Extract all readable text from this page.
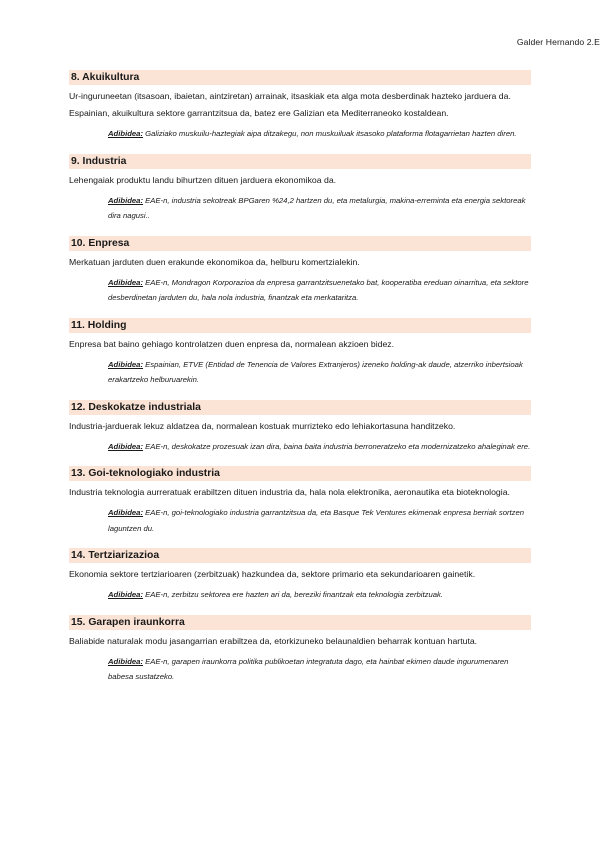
Galder Hernando 2.E
8. Akuikultura

Ur-inguruneetan (itsasoan, ibaietan, aintziretan) arrainak, itsaskiak eta alga mota desberdinak hazteko jarduera da. Espainian, akuikultura sektore garrantzitsua da, batez ere Galizian eta Mediterraneoko kostaldean.

Adibidea: Galiziako muskuilu-haztegiak aipa ditzakegu, non muskuiluak itsasoko plataforma flotagarrietan hazten diren.

9. Industria

Lehengaiak produktu landu bihurtzen dituen jarduera ekonomikoa da.

Adibidea: EAE-n, industria sekotreak BPGaren %24,2 hartzen du, eta metalurgia, makina-erreminta eta energia sektoreak dira nagusi..

10. Enpresa

Merkatuan jarduten duen erakunde ekonomikoa da, helburu komertzialekin.

Adibidea: EAE-n, Mondragon Korporazioa da enpresa garrantzitsuenetako bat, kooperatiba ereduan oinarritua, eta sektore desberdinetan jarduten du, hala nola industria, finantzak eta merkataritza.

11. Holding

Enpresa bat baino gehiago kontrolatzen duen enpresa da, normalean akzioen bidez.

Adibidea: Espainian, ETVE (Entidad de Tenencia de Valores Extranjeros) izeneko holding-ak daude, atzerriko inbertsioak erakartzeko helburuarekin.

12. Deskokatze industriala

Industria-jarduerak lekuz aldatzea da, normalean kostuak murrizteko edo lehiakortasuna handitzeko.

Adibidea: EAE-n, deskokatze prozesuak izan dira, baina baita industria berroneratzeko eta modernizatzeko ahaleginak ere.

13. Goi-teknologiako industria

Industria teknologia aurreratuak erabiltzen dituen industria da, hala nola elektronika, aeronautika eta bioteknologia.

Adibidea: EAE-n, goi-teknologiako industria garrantzitsua da, eta Basque Tek Ventures ekimenak enpresa berriak sortzen laguntzen du.

14. Tertziarizazioa

Ekonomia sektore tertziarioaren (zerbitzuak) hazkundea da, sektore primario eta sekundarioaren gainetik.

Adibidea: EAE-n, zerbitzu sektorea ere hazten ari da, bereziki finantzak eta teknologia zerbitzuak.

15. Garapen iraunkorra

Baliabide naturalak modu jasangarrian erabiltzea da, etorkizuneko belaunaldien beharrak kontuan hartuta.

Adibidea: EAE-n, garapen iraunkorra politika publikoetan integratuta dago, eta hainbat ekimen daude ingurumenaren babesa sustatzeko.
